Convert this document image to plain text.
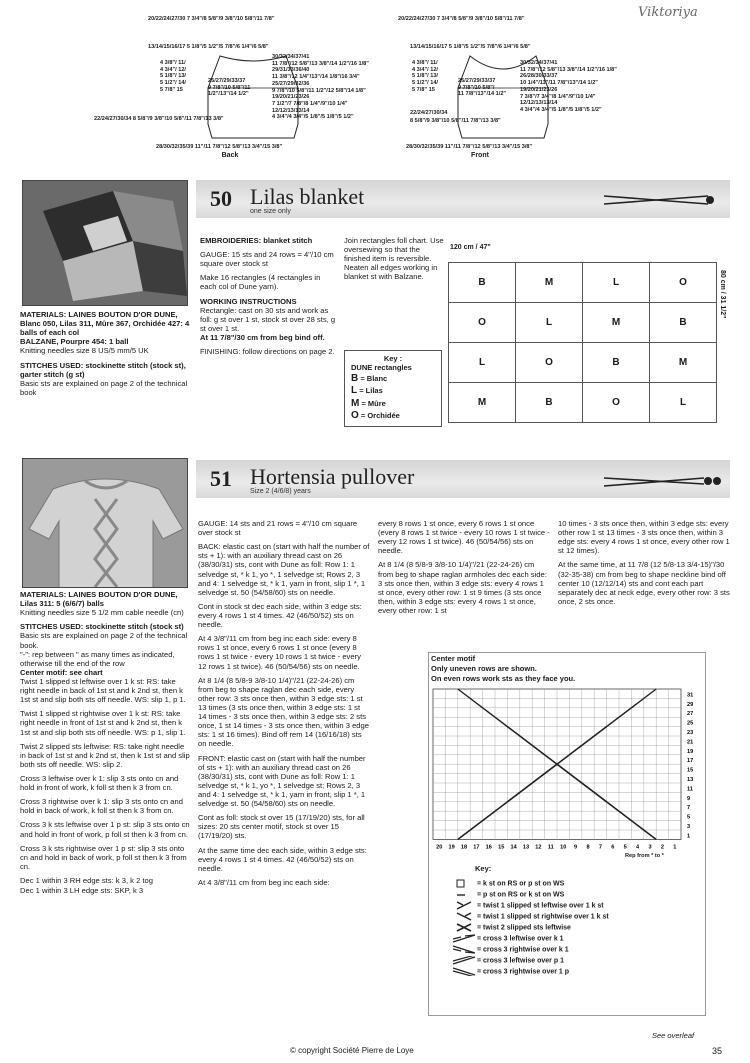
Viktoriya
20/22/24/27/30 7 3/4"/8 5/8"/9 3/8"/10 5/8"/11 7/8"
13/14/15/16/17 5 1/8"/5 1/2"/5 7/8"/6 1/4"/6 5/8"
4 3/8"/ 11/
4 3/4"/ 12/
5 1/8"/ 13/
5 1/2"/ 14/
5 7/8" 15
25/27/29/33/37
9 7/8"/10 5/8"/11
1/2"/13"/14 1/2"
30/32/34/37/41
11 7/8"/12 5/8"/13 3/8"/14 1/2"/16 1/8"
29/31/33/36/40
11 3/8"/12 1/4"/13"/14 1/8"/16 3/4"
25/27/29/32/36
9 7/8"/10 5/8"/11 1/2"/12 5/8"/14 1/8"
19/20/21/23/26
7 1/2"/7 7/8"/8 1/4"/9"/10 1/4"
12/12/13/13/14
4 3/4"/4 3/4"/5 1/8"/5 1/8"/5 1/2"
22/24/27/30/34 8 5/8"/9 3/8"/10 5/8"/11 7/8"/13 3/8"
28/30/32/35/39 11"/11 7/8"/12 5/8"/13 3/4"/15 3/8"
Back
20/22/24/27/30 7 3/4"/8 5/8"/9 3/8"/10 5/8"/11 7/8"
13/14/15/16/17 5 1/8"/5 1/2"/5 7/8"/6 1/4"/6 5/8"
4 3/8"/ 11/
4 3/4"/ 12/
5 1/8"/ 13/
5 1/2"/ 14/
5 7/8" 15
25/27/29/33/37
9 7/8"/10 5/8"/
11 7/8"/13"/14 1/2"
30/32/34/37/41
11 7/8"/12 5/8"/13 3/8"/14 1/2"/16 1/8"
26/28/30/33/37
10 1/4"/11"/11 7/8"/13"/14 1/2"
19/20/21/23/26
7 3/8"/7 3/4"/8 1/4"/9"/10 1/4"
12/12/13/13/14
4 3/4"/4 3/4"/5 1/8"/5 1/8"/5 1/2"
22/24/27/30/34
8 5/8"/9 3/8"/10 5/8"/11 7/8"/13 3/8"
28/30/32/35/39 11"/11 7/8"/12 5/8"/13 3/4"/15 3/8"
Front
50 Lilas blanket
one size only

MATERIALS: LAINES BOUTON D'OR DUNE, Blanc 050, Lilas 311, Mûre 367, Orchidée 427: 4 balls of each col
BALZANE, Pourpre 454: 1 ball
Knitting needles size 8 US/5 mm/5 UK

STITCHES USED: stockinette stitch (stock st), garter stitch (g st)
Basic sts are explained on page 2 of the technical book

EMBROIDERIES: blanket stitch

GAUGE: 15 sts and 24 rows = 4"/10 cm square over stock st

Make 16 rectangles (4 rectangles in each col of Dune yarn).

WORKING INSTRUCTIONS
Rectangle: cast on 30 sts and work as foll: g st over 1 st, stock st over 28 sts, g st over 1 st.
At 11 7/8"/30 cm from beg bind off.

FINISHING: follow directions on page 2.

Join rectangles foll chart. Use oversewing so that the finished item is reversible. Neaten all edges working in blanket st with Balzane.

Key :
DUNE rectangles
B = Blanc
L = Lilas
M = Mûre
O = Orchidée
120 cm / 47"
80 cm / 31 1/2"
B	M	L	O
O	L	M	B
L	O	B	M
M	B	O	L
51 Hortensia pullover
Size 2 (4/6/8) years

MATERIALS: LAINES BOUTON D'OR DUNE, Lilas 311: 5 (6/6/7) balls
Knitting needles size 5 1/2 mm cable needle (cn)

STITCHES USED: stockinette stitch (stock st)
Basic sts are explained on page 2 of the technical book.
"-": rep between " as many times as indicated, otherwise till the end of the row
Center motif: see chart
Twist 1 slipped st leftwise over 1 k st: RS: take right needle in back of 1st st and k 2nd st, then k 1st st and slip both sts off needle. WS: slip 1, p 1.

Twist 1 slipped st rightwise over 1 k st: RS: take right needle in front of 1st st and k 2nd st, then k 1st st and slip both sts off needle. WS: p 1, slip 1.

Twist 2 slipped sts leftwise: RS: take right needle in back of 1st st and k 2nd st, then k 1st st and slip both sts off needle. WS: slip 2.

Cross 3 leftwise over k 1: slip 3 sts onto cn and hold in front of work, k foll st then k 3 from cn.

Cross 3 rightwise over k 1: slip 3 sts onto cn and hold in back of work, k foll st then k 3 from cn.

Cross 3 k sts leftwise over 1 p st: slip 3 sts onto cn and hold in front of work, p foll st then k 3 from cn.

Cross 3 k sts rightwise over 1 p st: slip 3 sts onto cn and hold in back of work, p foll st then k 3 from cn.

Dec 1 within 3 RH edge sts: k 3, k 2 tog

Dec 1 within 3 LH edge sts: SKP, k 3

GAUGE: 14 sts and 21 rows = 4"/10 cm square over stock st

BACK: elastic cast on (start with half the number of sts + 1): with an auxiliary thread cast on 26 (38/30/31) sts, cont with Dune as foll: Row 1: 1 selvedge st, * k 1, yo *, 1 selvedge st; Rows 2, 3 and 4: 1 selvedge st, * k 1, yarn in front, slip 1 *, 1 selvedge st. 50 (54/58/60) sts on needle.

Cont in stock st dec each side, within 3 edge sts: every 4 rows 1 st 4 times. 42 (46/50/52) sts on needle.

At 4 3/8"/11 cm from beg inc each side: every 8 rows 1 st once, every 6 rows 1 st once (every 8 rows 1 st twice - every 10 rows 1 st twice - every 12 rows 1 st twice). 46 (50/54/56) sts on needle.

At 8 1/4 (8 5/8-9 3/8-10 1/4)"/21 (22-24-26) cm from beg to shape raglan dec each side, every other row: 3 sts once then, within 3 edge sts: 1 st 13 times (3 sts once then, within 3 edge sts: 1 st 14 times - 3 sts once then, within 3 edge sts: 2 sts once, 1 st 14 times - 3 sts once then, within 3 edge sts: 1 st 16 times). Bind off rem 14 (16/16/18) sts on needle.

FRONT: elastic cast on (start with half the number of sts + 1): with an auxiliary thread cast on 26 (38/30/31) sts, cont with Dune as foll: Row 1: 1 selvedge st, * k 1, yo *, 1 selvedge st; Rows 2, 3 and 4: 1 selvedge st, * k 1, yarn in front, slip 1 *, 1 selvedge st. 50 (54/58/60) sts on needle.

Cont as foll: stock st over 15 (17/19/20) sts, for all sizes: 20 sts center motif, stock st over 15 (17/19/20) sts.

At the same time dec each side, within 3 edge sts: every 4 rows 1 st 4 times. 42 (46/50/52) sts on needle.

At 4 3/8"/11 cm from beg inc each side:

every 8 rows 1 st once, every 6 rows 1 st once (every 8 rows 1 st twice - every 10 rows 1 st twice - every 12 rows 1 st twice). 46 (50/54/56) sts on needle.

At 8 1/4 (8 5/8-9 3/8-10 1/4)"/21 (22-24-26) cm from beg to shape raglan armholes dec each side: 3 sts once then, within 3 edge sts: every 4 rows 1 st once, every other row: 1 st 9 times (3 sts once then, within 3 edge sts: every 4 rows 1 st once, every other row: 1 st

10 times - 3 sts once then, within 3 edge sts: every other row 1 st 13 times - 3 sts once then, within 3 edge sts: every 4 rows 1 st once, every other row 1 st 12 times).

At the same time, at 11 7/8 (12 5/8-13 3/4-15)"/30 (32-35-38) cm from beg to shape neckline bind off center 10 (12/12/14) sts and cont each part separately dec at neck edge, every other row: 3 sts once, 2 sts once.

Center motif
Only uneven rows are shown.
On even rows work sts as they face you.
20 19 18 17 16 15 14 13 12 11 10 9 8 7 6 5 4 3 2 1
31
29
27
25
23
21
19
17
15
13
11
9
7
5
3
1
Rep from * to *
Key:
= k st on RS or p st on WS
= p st on RS or k st on WS
= twist 1 slipped st leftwise over 1 k st
= twist 1 slipped st rightwise over 1 k st
= twist 2 slipped sts leftwise
= cross 3 leftwise over k 1
= cross 3 rightwise over k 1
= cross 3 leftwise over p 1
= cross 3 rightwise over 1 p
See overleaf
© copyright Société Pierre de Loye	35
